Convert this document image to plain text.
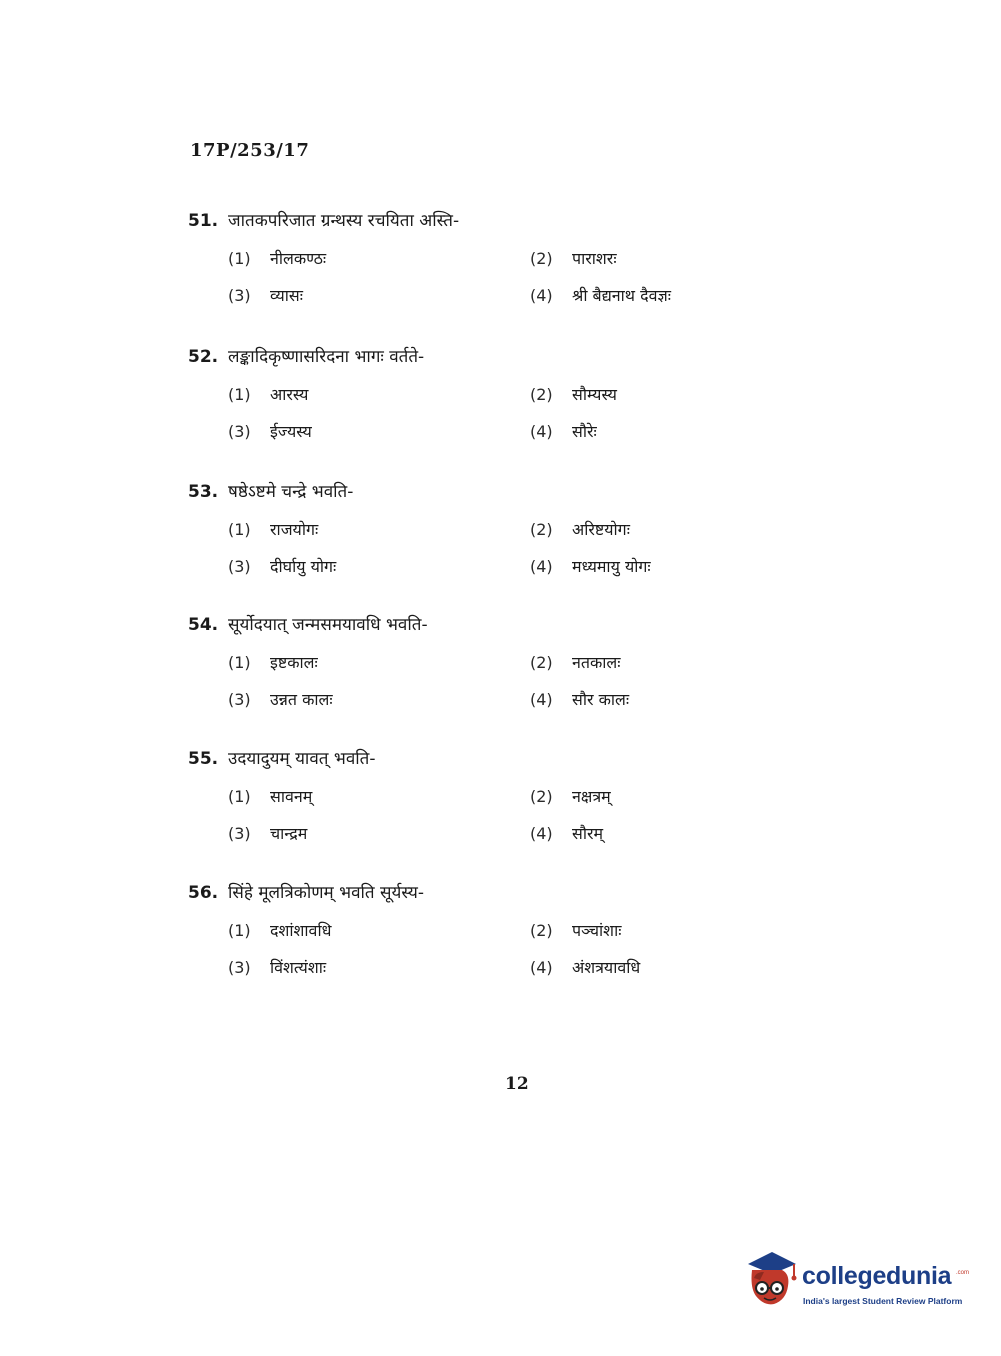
17P/253/17
51. जातकपरिजात ग्रन्थस्य रचयिता अस्ति-
(1) नीलकण्ठः	(2) पाराशरः
(3) व्यासः	(4) श्री बैद्यनाथ दैवज्ञः
52. लङ्कादिकृष्णासरिदना भागः वर्तते-
(1) आरस्य	(2) सौम्यस्य
(3) ईज्यस्य	(4) सौरेः
53. षष्ठेऽष्टमे चन्द्रे भवति-
(1) राजयोगः	(2) अरिष्टयोगः
(3) दीर्घायु योगः	(4) मध्यमायु योगः
54. सूर्योदयात् जन्मसमयावधि भवति-
(1) इष्टकालः	(2) नतकालः
(3) उन्नत कालः	(4) सौर कालः
55. उदयादुयम् यावत् भवति-
(1) सावनम्	(2) नक्षत्रम्
(3) चान्द्रम	(4) सौरम्
56. सिंहे मूलत्रिकोणम् भवति सूर्यस्य-
(1) दशांशावधि	(2) पञ्चांशाः
(3) विंशत्यंशाः	(4) अंशत्रयावधि
12
collegedunia .com
India's largest Student Review Platform
